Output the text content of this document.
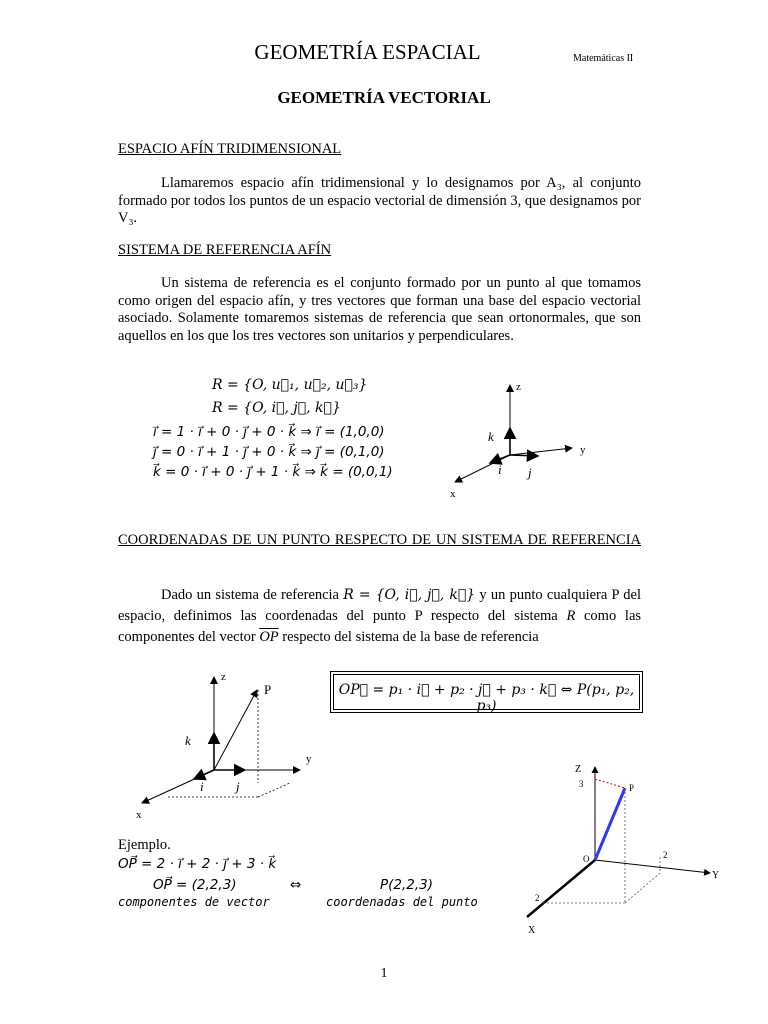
GEOMETRÍA ESPACIAL	Matemáticas II
GEOMETRÍA VECTORIAL
ESPACIO AFÍN TRIDIMENSIONAL
Llamaremos espacio afín tridimensional y lo designamos por A₃, al conjunto formado por todos los puntos de un espacio vectorial de dimensión 3, que designamos por V₃.
SISTEMA DE REFERENCIA AFÍN
Un sistema de referencia es el conjunto formado por un punto al que tomamos como origen del espacio afín, y tres vectores que forman una base del espacio vectorial asociado. Solamente tomaremos sistemas de referencia que sean ortonormales, que son aquellos en los que los tres vectores son unitarios y perpendiculares.
R = {O, u⃗₁, u⃗₂, u⃗₃}
R = {O, i⃗, j⃗, k⃗}
i⃗ = 1 · i⃗ + 0 · j⃗ + 0 · k⃗ ⇒ i⃗ = (1,0,0)
j⃗ = 0 · i⃗ + 1 · j⃗ + 0 · k⃗ ⇒ j⃗ = (0,1,0)
k⃗ = 0 · i⃗ + 0 · j⃗ + 1 · k⃗ ⇒ k⃗ = (0,0,1)
z
y
x
k⃗
i⃗ j⃗
COORDENADAS DE UN PUNTO RESPECTO DE UN SISTEMA DE REFERENCIA
Dado un sistema de referencia R = {O, i⃗, j⃗, k⃗} y un punto cualquiera P del espacio, definimos las coordenadas del punto P respecto del sistema R como las componentes del vector $\overline{OP}$ respecto del sistema de la base de referencia
z
P
y
x
k⃗
i⃗ j⃗
OP⃗ = p₁ · i⃗ + p₂ · j⃗ + p₃ · k⃗ ⇔ P(p₁, p₂, p₃)
Ejemplo.
OP⃗ = 2 · i⃗ + 2 · j⃗ + 3 · k⃗
OP⃗ = (2,2,3)	⇔	P(2,2,3)
componentes de vector	coordenadas del punto
Z
3	P
O	2
Y
2
X
1
